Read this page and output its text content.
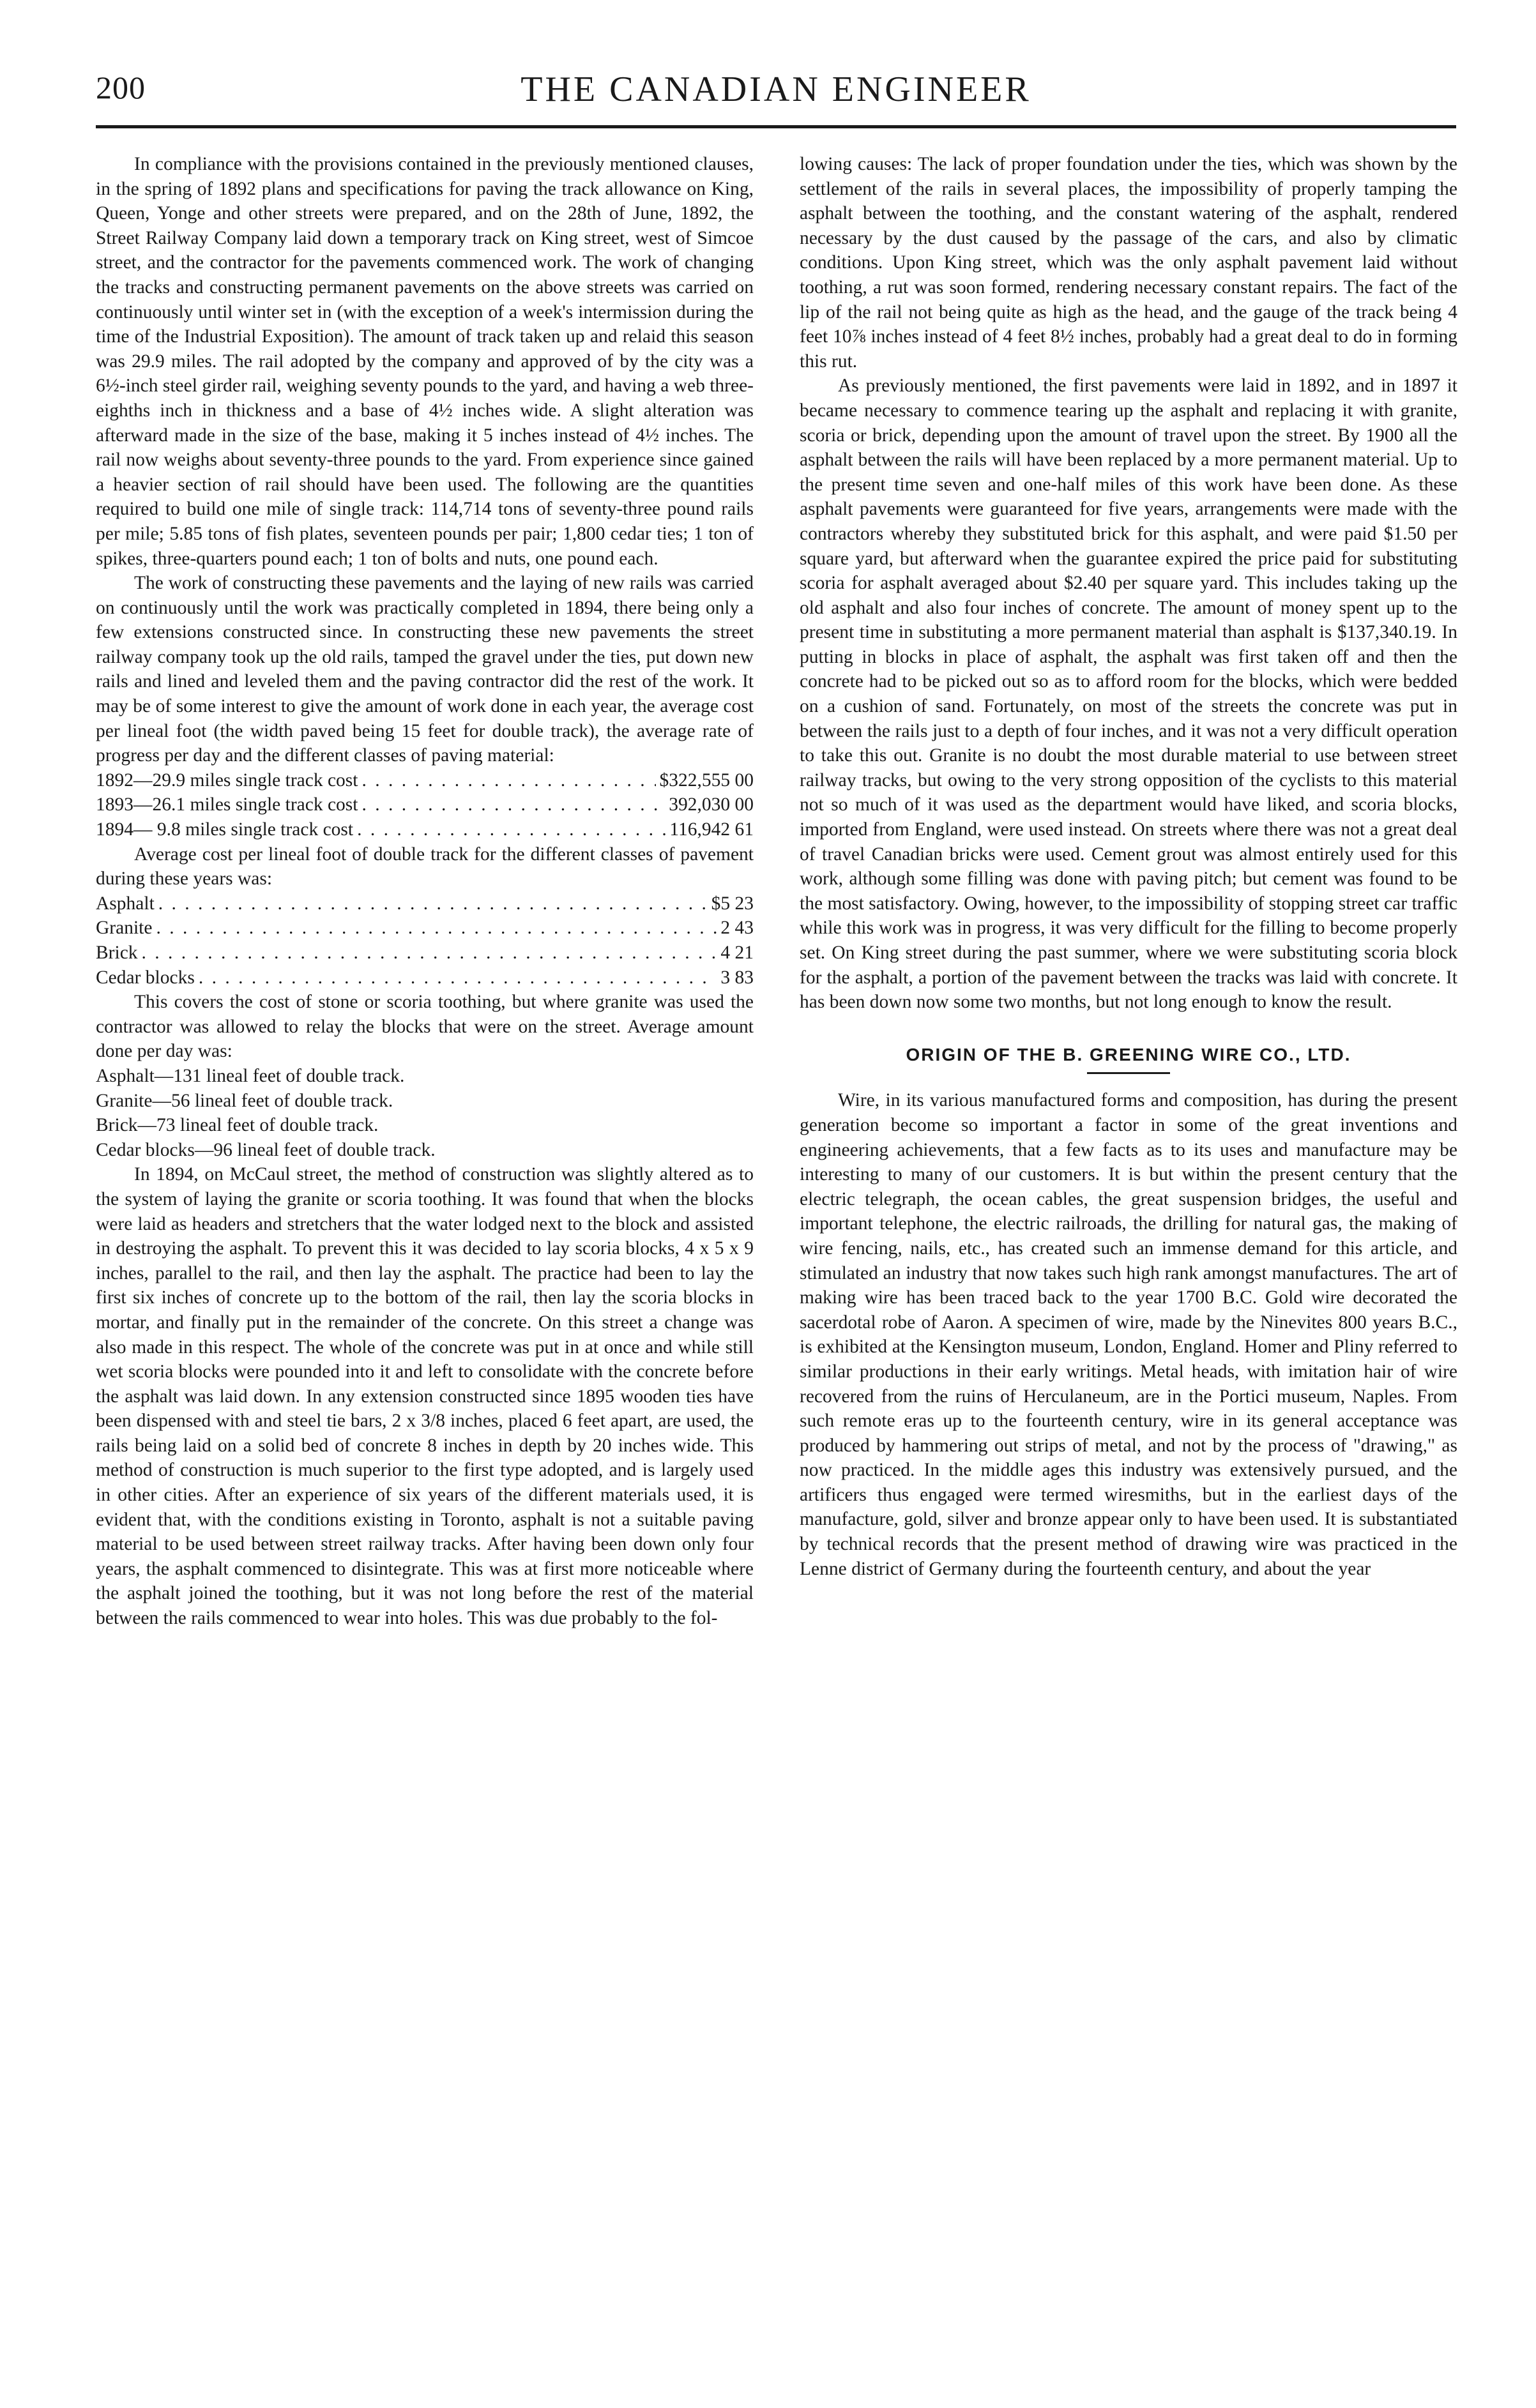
200	THE CANADIAN ENGINEER

In compliance with the provisions contained in the previously mentioned clauses, in the spring of 1892 plans and specifications for paving the track allowance on King, Queen, Yonge and other streets were prepared, and on the 28th of June, 1892, the Street Railway Company laid down a temporary track on King street, west of Simcoe street, and the contractor for the pavements commenced work. The work of changing the tracks and constructing permanent pavements on the above streets was carried on continuously until winter set in (with the exception of a week's intermission during the time of the Industrial Exposition). The amount of track taken up and relaid this season was 29.9 miles. The rail adopted by the company and approved of by the city was a 6½-inch steel girder rail, weighing seventy pounds to the yard, and having a web three-eighths inch in thickness and a base of 4½ inches wide. A slight alteration was afterward made in the size of the base, making it 5 inches instead of 4½ inches. The rail now weighs about seventy-three pounds to the yard. From experience since gained a heavier section of rail should have been used. The following are the quantities required to build one mile of single track: 114,714 tons of seventy-three pound rails per mile; 5.85 tons of fish plates, seventeen pounds per pair; 1,800 cedar ties; 1 ton of spikes, three-quarters pound each; 1 ton of bolts and nuts, one pound each.

The work of constructing these pavements and the laying of new rails was carried on continuously until the work was practically completed in 1894, there being only a few extensions constructed since. In constructing these new pavements the street railway company took up the old rails, tamped the gravel under the ties, put down new rails and lined and leveled them and the paving contractor did the rest of the work. It may be of some interest to give the amount of work done in each year, the average cost per lineal foot (the width paved being 15 feet for double track), the average rate of progress per day and the different classes of paving material:

1892—29.9 miles single track cost . . .	$322,555 00
1893—26.1 miles single track cost . . .	392,030 00
1894— 9.8 miles single track cost . . .	116,942 61

Average cost per lineal foot of double track for the different classes of pavement during these years was:

Asphalt . . .	$5 23
Granite . . .	2 43
Brick . . .	4 21
Cedar blocks . . .	3 83

This covers the cost of stone or scoria toothing, but where granite was used the contractor was allowed to relay the blocks that were on the street. Average amount done per day was:

Asphalt—131 lineal feet of double track.

Granite—56 lineal feet of double track.

Brick—73 lineal feet of double track.

Cedar blocks—96 lineal feet of double track.

In 1894, on McCaul street, the method of construction was slightly altered as to the system of laying the granite or scoria toothing. It was found that when the blocks were laid as headers and stretchers that the water lodged next to the block and assisted in destroying the asphalt. To prevent this it was decided to lay scoria blocks, 4 x 5 x 9 inches, parallel to the rail, and then lay the asphalt. The practice had been to lay the first six inches of concrete up to the bottom of the rail, then lay the scoria blocks in mortar, and finally put in the remainder of the concrete. On this street a change was also made in this respect. The whole of the concrete was put in at once and while still wet scoria blocks were pounded into it and left to consolidate with the concrete before the asphalt was laid down. In any extension constructed since 1895 wooden ties have been dispensed with and steel tie bars, 2 x 3/8 inches, placed 6 feet apart, are used, the rails being laid on a solid bed of concrete 8 inches in depth by 20 inches wide. This method of construction is much superior to the first type adopted, and is largely used in other cities. After an experience of six years of the different materials used, it is evident that, with the conditions existing in Toronto, asphalt is not a suitable paving material to be used between street railway tracks. After having been down only four years, the asphalt commenced to disintegrate. This was at first more noticeable where the asphalt joined the toothing, but it was not long before the rest of the material between the rails commenced to wear into holes. This was due probably to the fol-

lowing causes: The lack of proper foundation under the ties, which was shown by the settlement of the rails in several places, the impossibility of properly tamping the asphalt between the toothing, and the constant watering of the asphalt, rendered necessary by the dust caused by the passage of the cars, and also by climatic conditions. Upon King street, which was the only asphalt pavement laid without toothing, a rut was soon formed, rendering necessary constant repairs. The fact of the lip of the rail not being quite as high as the head, and the gauge of the track being 4 feet 10⅞ inches instead of 4 feet 8½ inches, probably had a great deal to do in forming this rut.

As previously mentioned, the first pavements were laid in 1892, and in 1897 it became necessary to commence tearing up the asphalt and replacing it with granite, scoria or brick, depending upon the amount of travel upon the street. By 1900 all the asphalt between the rails will have been replaced by a more permanent material. Up to the present time seven and one-half miles of this work have been done. As these asphalt pavements were guaranteed for five years, arrangements were made with the contractors whereby they substituted brick for this asphalt, and were paid $1.50 per square yard, but afterward when the guarantee expired the price paid for substituting scoria for asphalt averaged about $2.40 per square yard. This includes taking up the old asphalt and also four inches of concrete. The amount of money spent up to the present time in substituting a more permanent material than asphalt is $137,340.19. In putting in blocks in place of asphalt, the asphalt was first taken off and then the concrete had to be picked out so as to afford room for the blocks, which were bedded on a cushion of sand. Fortunately, on most of the streets the concrete was put in between the rails just to a depth of four inches, and it was not a very difficult operation to take this out. Granite is no doubt the most durable material to use between street railway tracks, but owing to the very strong opposition of the cyclists to this material not so much of it was used as the department would have liked, and scoria blocks, imported from England, were used instead. On streets where there was not a great deal of travel Canadian bricks were used. Cement grout was almost entirely used for this work, although some filling was done with paving pitch; but cement was found to be the most satisfactory. Owing, however, to the impossibility of stopping street car traffic while this work was in progress, it was very difficult for the filling to become properly set. On King street during the past summer, where we were substituting scoria block for the asphalt, a portion of the pavement between the tracks was laid with concrete. It has been down now some two months, but not long enough to know the result.

ORIGIN OF THE B. GREENING WIRE CO., LTD.

Wire, in its various manufactured forms and composition, has during the present generation become so important a factor in some of the great inventions and engineering achievements, that a few facts as to its uses and manufacture may be interesting to many of our customers. It is but within the present century that the electric telegraph, the ocean cables, the great suspension bridges, the useful and important telephone, the electric railroads, the drilling for natural gas, the making of wire fencing, nails, etc., has created such an immense demand for this article, and stimulated an industry that now takes such high rank amongst manufactures. The art of making wire has been traced back to the year 1700 B.C. Gold wire decorated the sacerdotal robe of Aaron. A specimen of wire, made by the Ninevites 800 years B.C., is exhibited at the Kensington museum, London, England. Homer and Pliny referred to similar productions in their early writings. Metal heads, with imitation hair of wire recovered from the ruins of Herculaneum, are in the Portici museum, Naples. From such remote eras up to the fourteenth century, wire in its general acceptance was produced by hammering out strips of metal, and not by the process of "drawing," as now practiced. In the middle ages this industry was extensively pursued, and the artificers thus engaged were termed wiresmiths, but in the earliest days of the manufacture, gold, silver and bronze appear only to have been used. It is substantiated by technical records that the present method of drawing wire was practiced in the Lenne district of Germany during the fourteenth century, and about the year
